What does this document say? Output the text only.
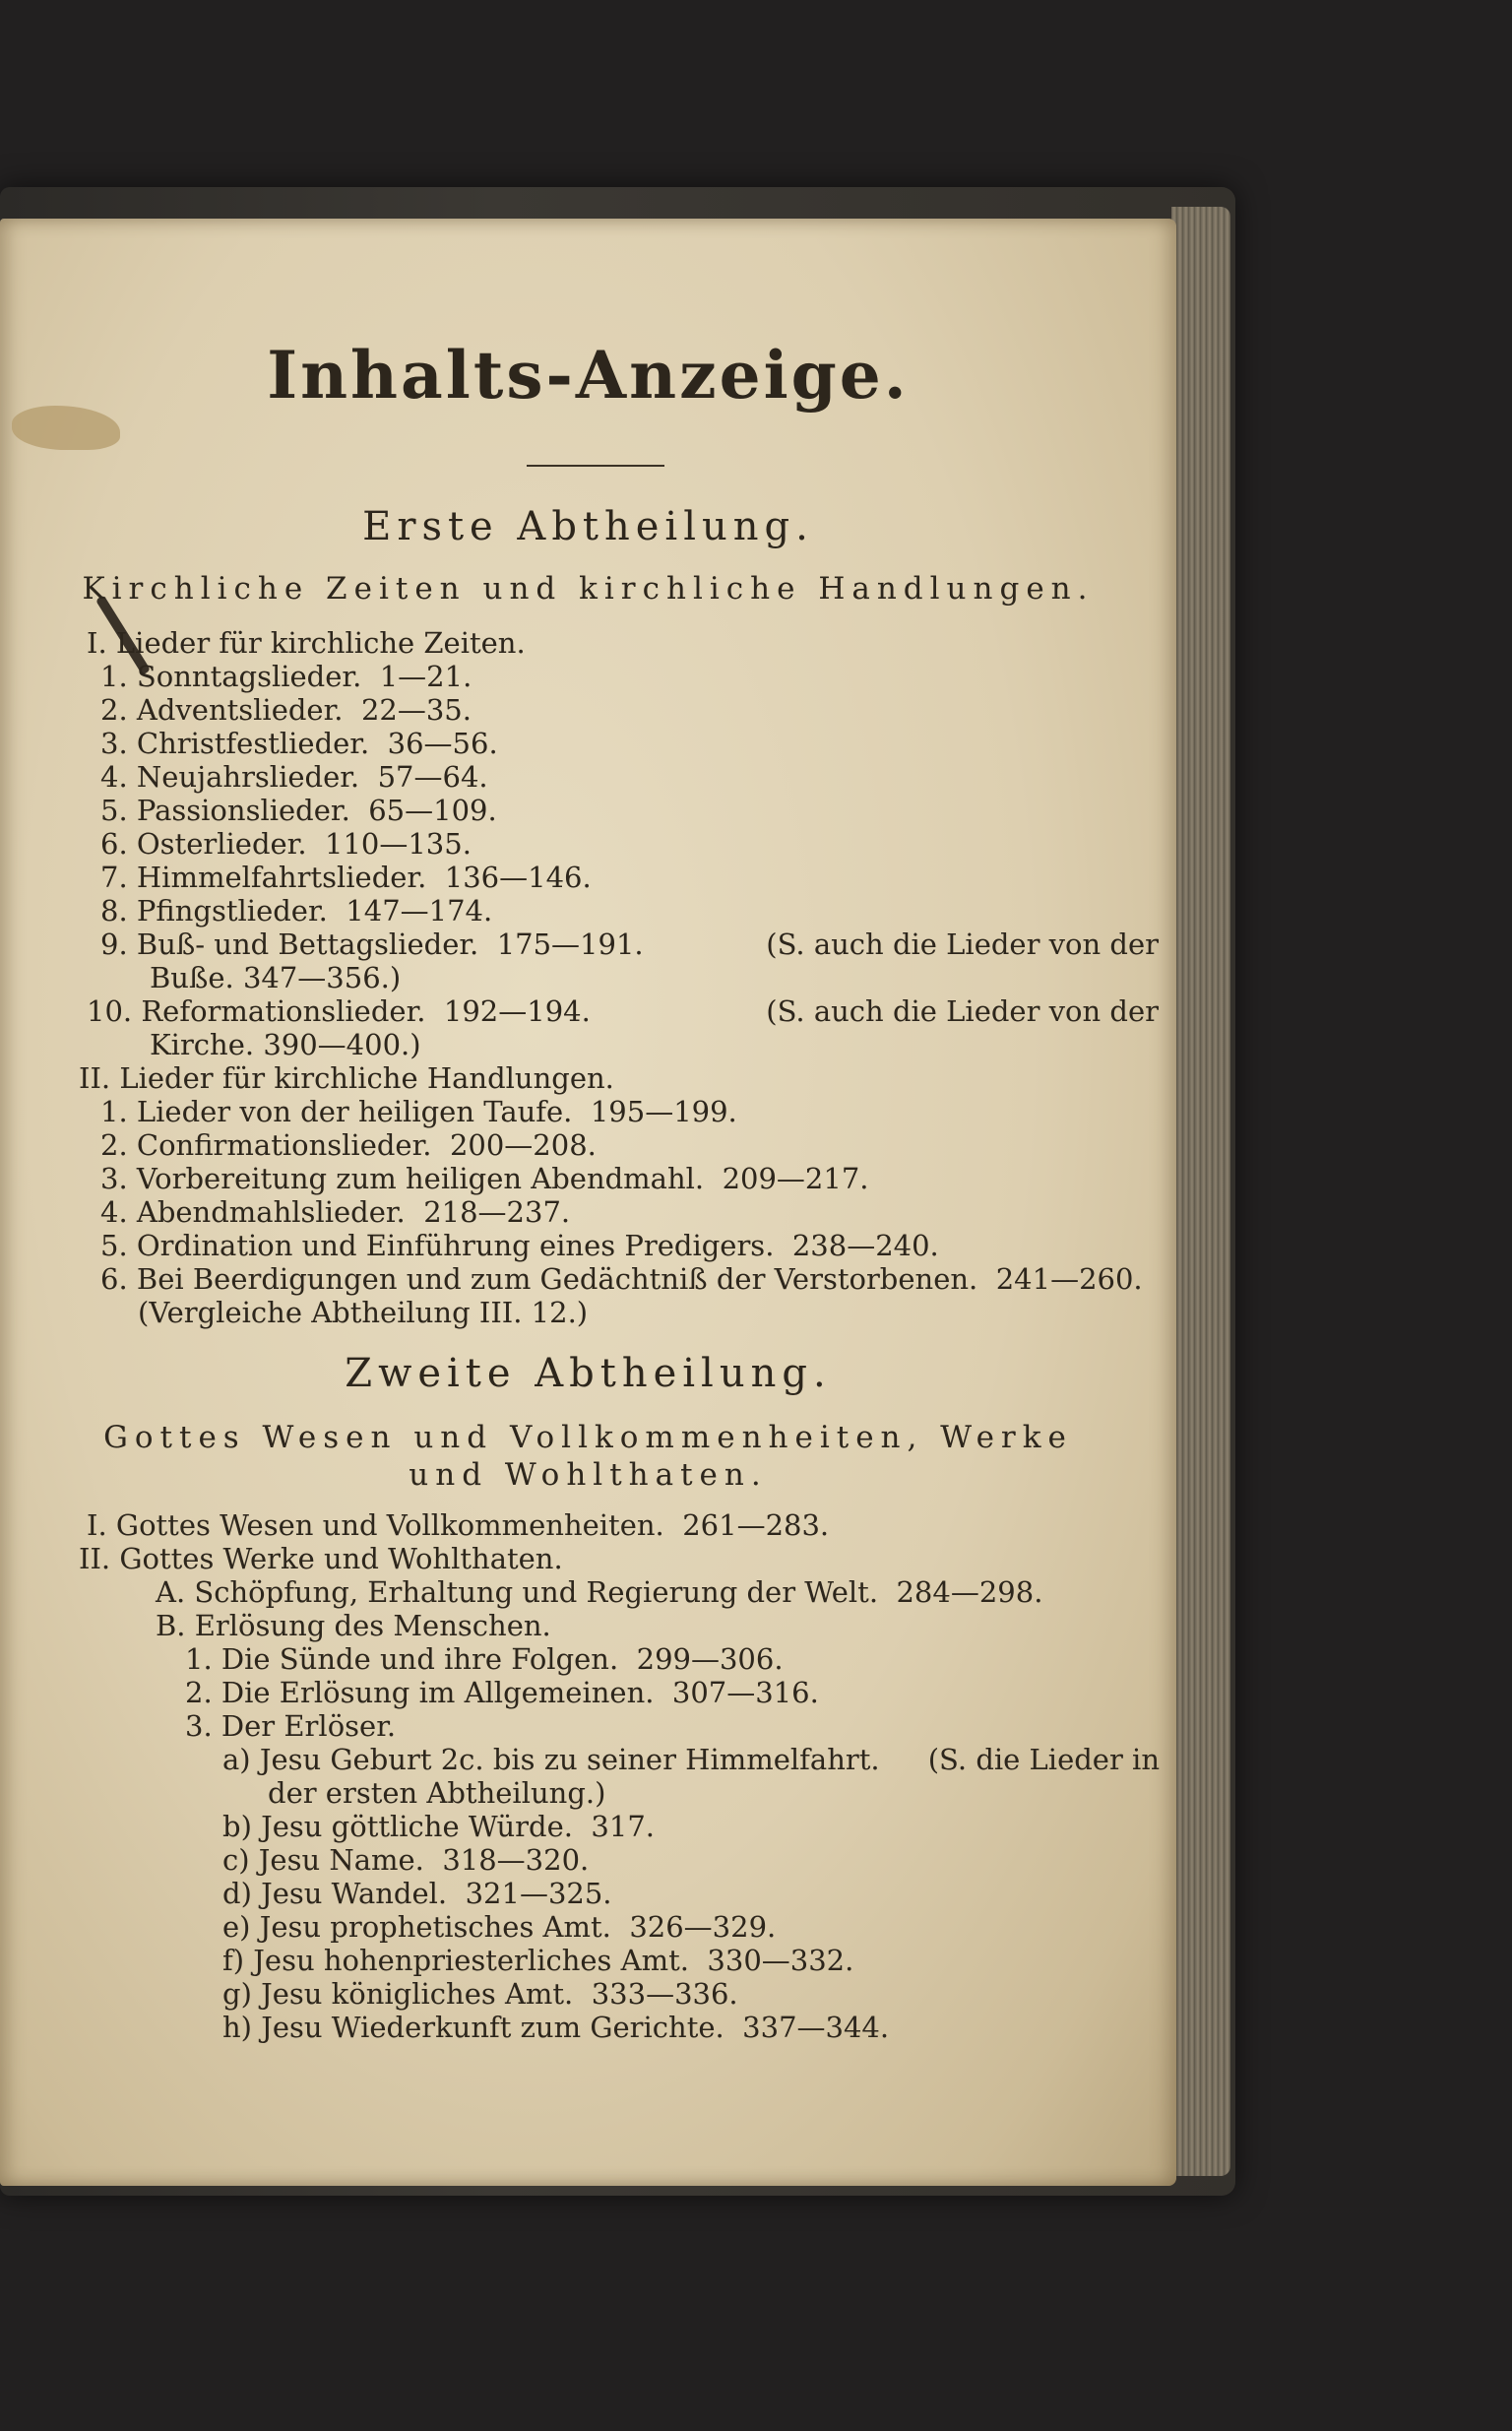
Inhalts-Anzeige.
Erste Abtheilung.
Kirchliche Zeiten und kirchliche Handlungen.
I. Lieder für kirchliche Zeiten.
1. Sonntagslieder. 1—21.
2. Adventslieder. 22—35.
3. Christfestlieder. 36—56.
4. Neujahrslieder. 57—64.
5. Passionslieder. 65—109.
6. Osterlieder. 110—135.
7. Himmelfahrtslieder. 136—146.
8. Pfingstlieder. 147—174.
9. Buß- und Bettagslieder. 175—191.	(S. auch die Lieder von der
Buße. 347—356.)
10. Reformationslieder. 192—194.	(S. auch die Lieder von der
Kirche. 390—400.)
II. Lieder für kirchliche Handlungen.
1. Lieder von der heiligen Taufe. 195—199.
2. Confirmationslieder. 200—208.
3. Vorbereitung zum heiligen Abendmahl. 209—217.
4. Abendmahlslieder. 218—237.
5. Ordination und Einführung eines Predigers. 238—240.
6. Bei Beerdigungen und zum Gedächtniß der Verstorbenen. 241—260.
(Vergleiche Abtheilung III. 12.)
Zweite Abtheilung.
Gottes Wesen und Vollkommenheiten, Werke
und Wohlthaten.
I. Gottes Wesen und Vollkommenheiten. 261—283.
II. Gottes Werke und Wohlthaten.
A. Schöpfung, Erhaltung und Regierung der Welt. 284—298.
B. Erlösung des Menschen.
1. Die Sünde und ihre Folgen. 299—306.
2. Die Erlösung im Allgemeinen. 307—316.
3. Der Erlöser.
a) Jesu Geburt 2c. bis zu seiner Himmelfahrt. (S. die Lieder in
der ersten Abtheilung.)
b) Jesu göttliche Würde. 317.
c) Jesu Name. 318—320.
d) Jesu Wandel. 321—325.
e) Jesu prophetisches Amt. 326—329.
f) Jesu hohenpriesterliches Amt. 330—332.
g) Jesu königliches Amt. 333—336.
h) Jesu Wiederkunft zum Gerichte. 337—344.
